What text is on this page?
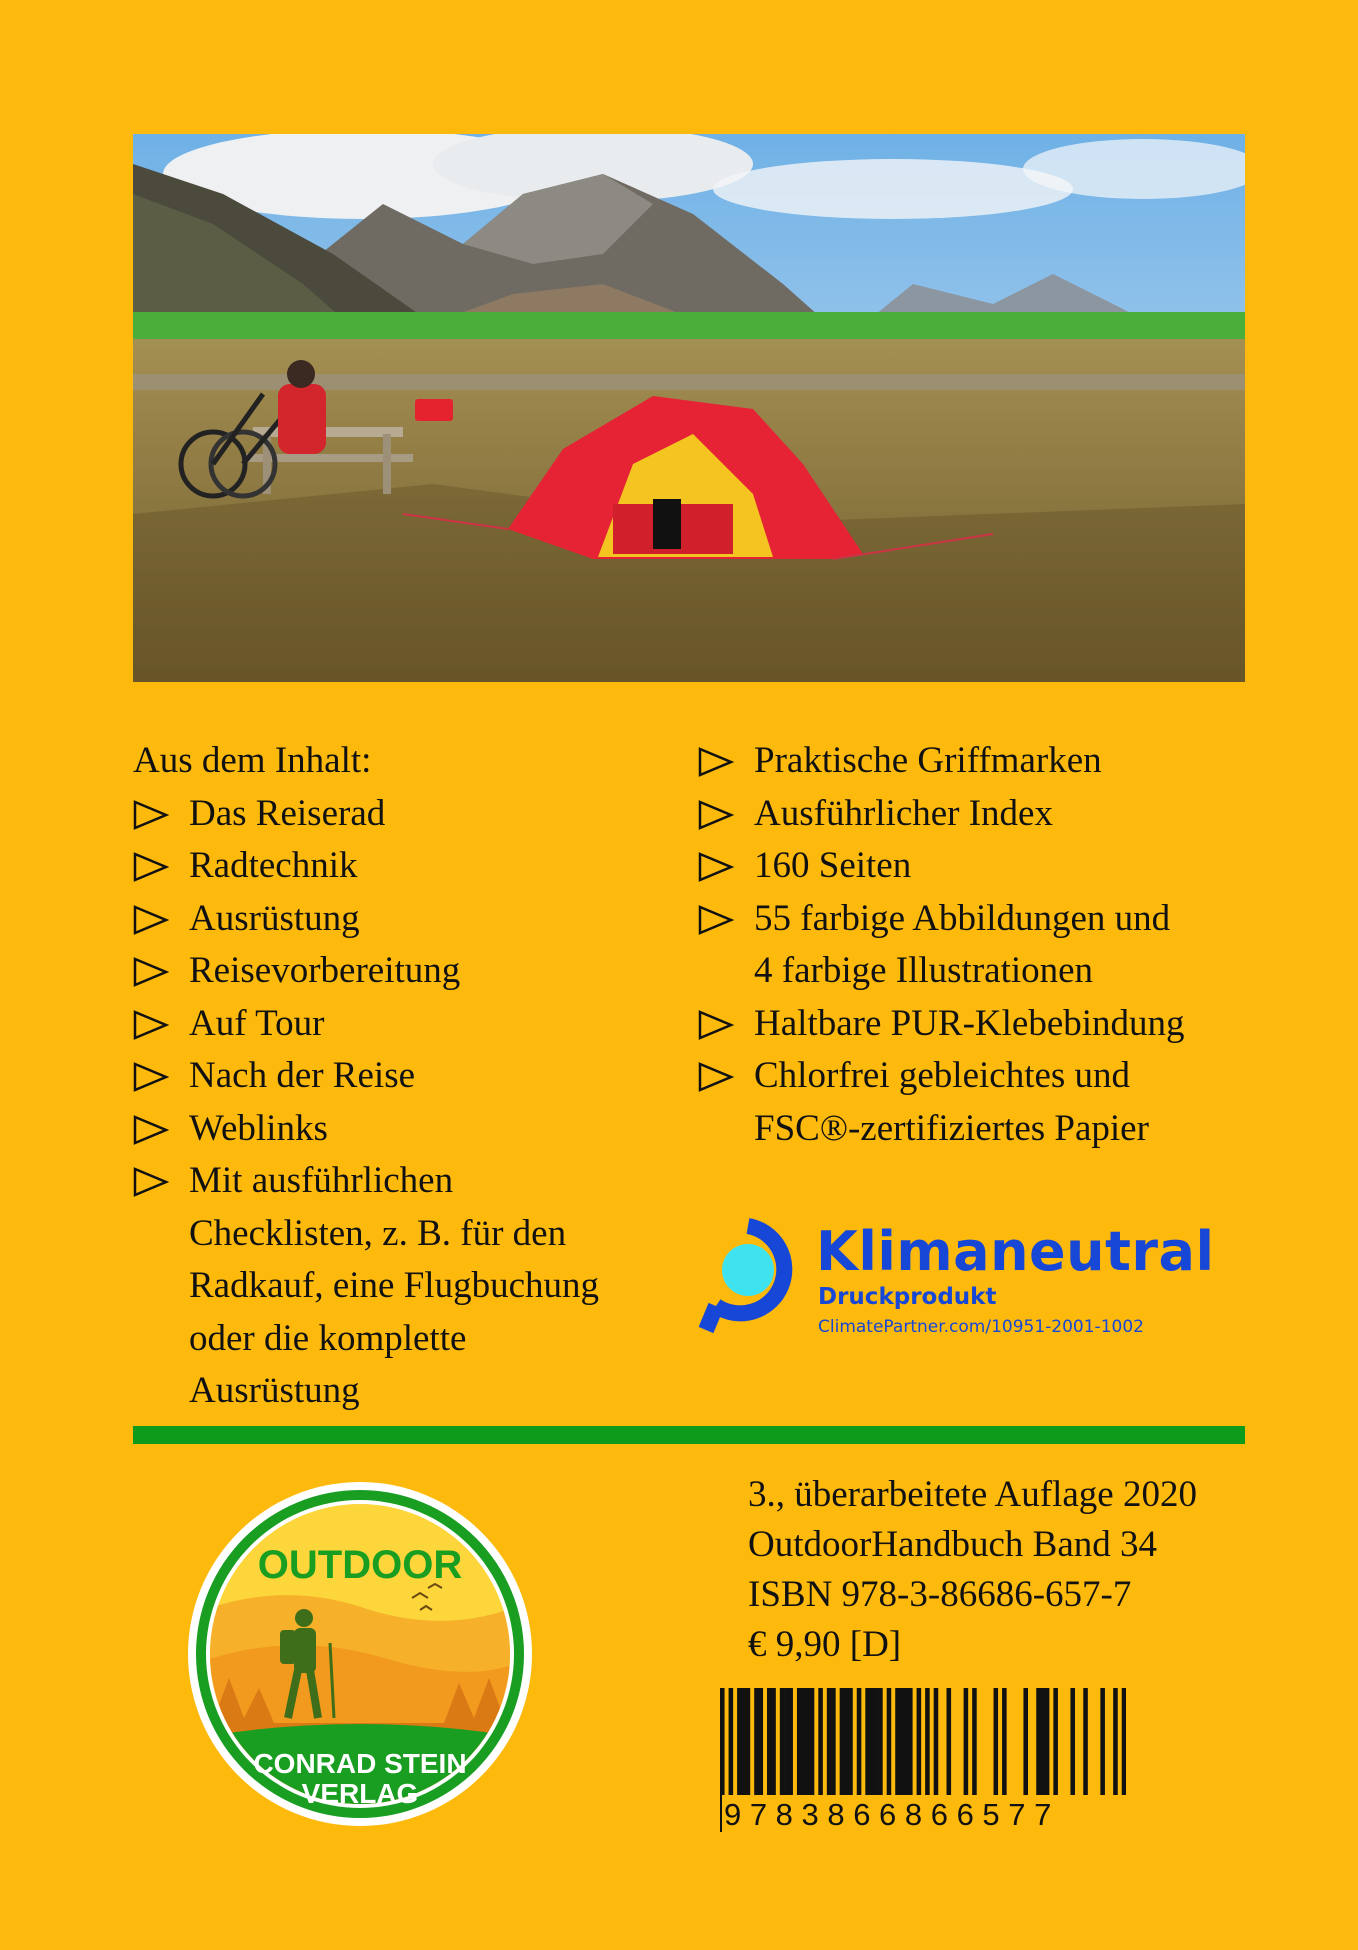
Aus dem Inhalt:
Das Reiserad
Radtechnik
Ausrüstung
Reisevorbereitung
Auf Tour
Nach der Reise
Weblinks
Mit ausführlichen
Checklisten, z. B. für den
Radkauf, eine Flugbuchung
oder die komplette
Ausrüstung
Praktische Griffmarken
Ausführlicher Index
160 Seiten
55 farbige Abbildungen und
4 farbige Illustrationen
Haltbare PUR-Klebebindung
Chlorfrei gebleichtes und
FSC®-zertifiziertes Papier
Klimaneutral
Druckprodukt
ClimatePartner.com/10951-2001-1002
OUTDOOR
CONRAD STEIN
VERLAG
3., überarbeitete Auflage 2020
OutdoorHandbuch Band 34
ISBN 978-3-86686-657-7
€ 9,90 [D]
9783866866577
